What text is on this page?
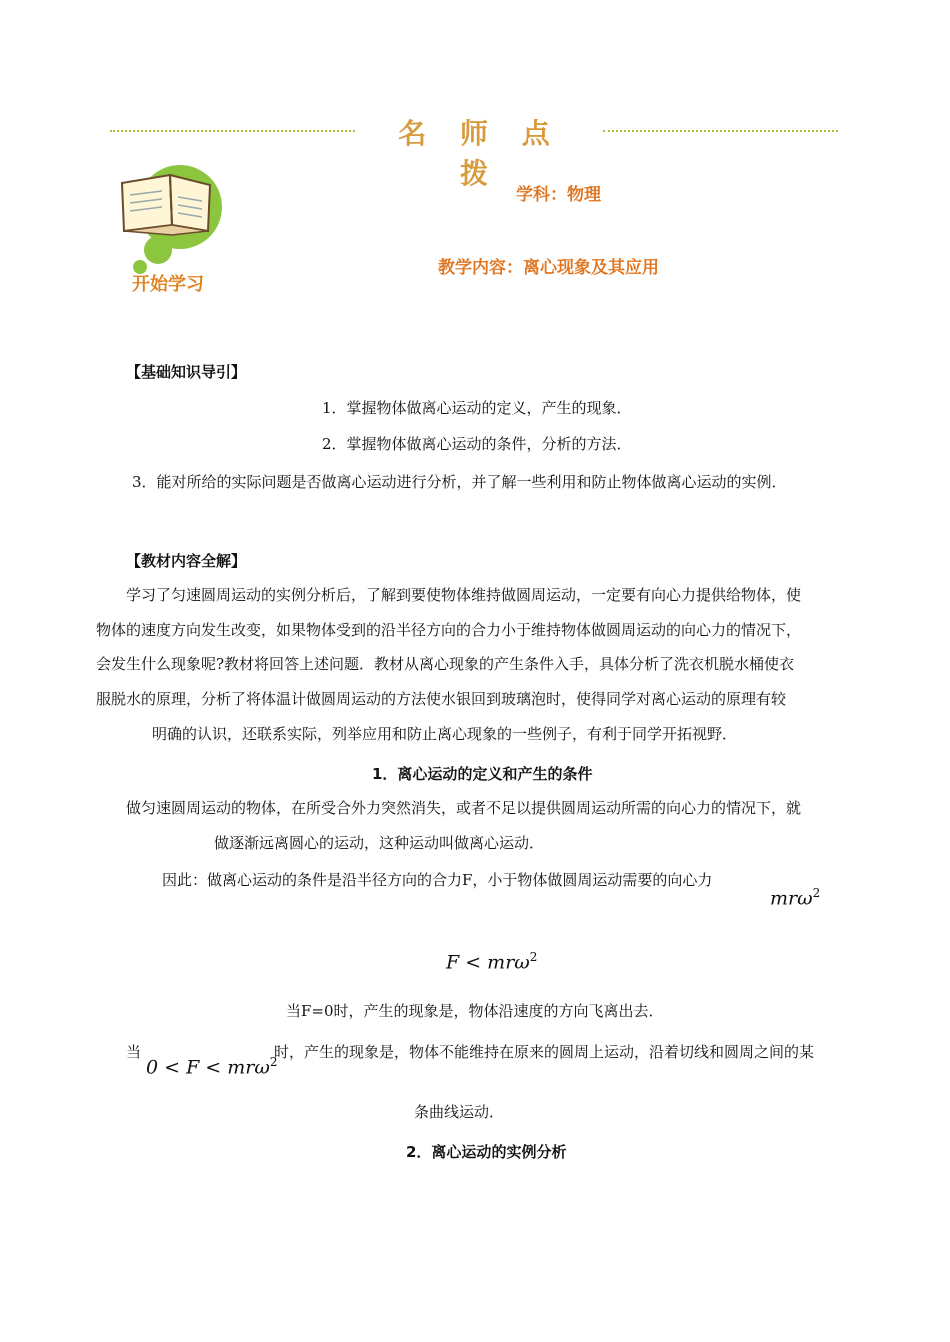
名 师 点 拨
开始学习
学科：物理
教学内容：离心现象及其应用
【基础知识导引】
1．掌握物体做离心运动的定义，产生的现象．
2．掌握物体做离心运动的条件，分析的方法．
3．能对所给的实际问题是否做离心运动进行分析，并了解一些利用和防止物体做离心运动的实例．
【教材内容全解】
学习了匀速圆周运动的实例分析后，了解到要使物体维持做圆周运动，一定要有向心力提供给物体，使
物体的速度方向发生改变，如果物体受到的沿半径方向的合力小于维持物体做圆周运动的向心力的情况下，
会发生什么现象呢?教材将回答上述问题．教材从离心现象的产生条件入手，具体分析了洗衣机脱水桶使衣
服脱水的原理，分析了将体温计做圆周运动的方法使水银回到玻璃泡时，使得同学对离心运动的原理有较
明确的认识，还联系实际，列举应用和防止离心现象的一些例子，有利于同学开拓视野．
1．离心运动的定义和产生的条件
做匀速圆周运动的物体，在所受合外力突然消失，或者不足以提供圆周运动所需的向心力的情况下，就
做逐渐远离圆心的运动，这种运动叫做离心运动．
因此：做离心运动的条件是沿半径方向的合力F，小于物体做圆周运动需要的向心力
mrω$^2$
F < mrω$^2$
当F=0时，产生的现象是，物体沿速度的方向飞离出去．
当
0 < F < mrω$^2$
时，产生的现象是，物体不能维持在原来的圆周上运动，沿着切线和圆周之间的某
条曲线运动．
2．离心运动的实例分析
